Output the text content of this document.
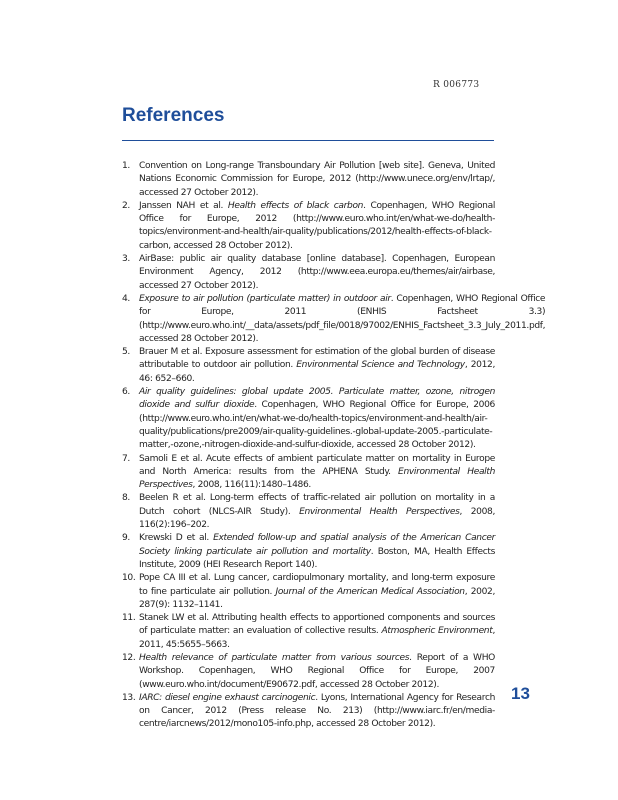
R 006773
References
1. Convention on Long-range Transboundary Air Pollution [web site]. Geneva, United Nations Economic Commission for Europe, 2012 (http://www.unece.org/env/lrtap/, accessed 27 October 2012).
2. Janssen NAH et al. Health effects of black carbon. Copenhagen, WHO Regional Office for Europe, 2012 (http://www.euro.who.int/en/what-we-do/health-topics/environment-and-health/air-quality/publications/2012/health-effects-of-black-carbon, accessed 28 October 2012).
3. AirBase: public air quality database [online database]. Copenhagen, European Environment Agency, 2012 (http://www.eea.europa.eu/themes/air/airbase, accessed 27 October 2012).
4. Exposure to air pollution (particulate matter) in outdoor air. Copenhagen, WHO Regional Office for Europe, 2011 (ENHIS Factsheet 3.3) (http://www.euro.who.int/__data/assets/pdf_file/0018/97002/ENHIS_Factsheet_3.3_July_2011.pdf, accessed 28 October 2012).
5. Brauer M et al. Exposure assessment for estimation of the global burden of disease attributable to outdoor air pollution. Environmental Science and Technology, 2012, 46: 652–660.
6. Air quality guidelines: global update 2005. Particulate matter, ozone, nitrogen dioxide and sulfur dioxide. Copenhagen, WHO Regional Office for Europe, 2006 (http://www.euro.who.int/en/what-we-do/health-topics/environment-and-health/air-quality/publications/pre2009/air-quality-guidelines.-global-update-2005.-particulate-matter,-ozone,-nitrogen-dioxide-and-sulfur-dioxide, accessed 28 October 2012).
7. Samoli E et al. Acute effects of ambient particulate matter on mortality in Europe and North America: results from the APHENA Study. Environmental Health Perspectives, 2008, 116(11):1480–1486.
8. Beelen R et al. Long-term effects of traffic-related air pollution on mortality in a Dutch cohort (NLCS-AIR Study). Environmental Health Perspectives, 2008, 116(2):196–202.
9. Krewski D et al. Extended follow-up and spatial analysis of the American Cancer Society linking particulate air pollution and mortality. Boston, MA, Health Effects Institute, 2009 (HEI Research Report 140).
10. Pope CA III et al. Lung cancer, cardiopulmonary mortality, and long-term exposure to fine particulate air pollution. Journal of the American Medical Association, 2002, 287(9): 1132–1141.
11. Stanek LW et al. Attributing health effects to apportioned components and sources of particulate matter: an evaluation of collective results. Atmospheric Environment, 2011, 45:5655–5663.
12. Health relevance of particulate matter from various sources. Report of a WHO Workshop. Copenhagen, WHO Regional Office for Europe, 2007 (www.euro.who.int/document/E90672.pdf, accessed 28 October 2012).
13. IARC: diesel engine exhaust carcinogenic. Lyons, International Agency for Research on Cancer, 2012 (Press release No. 213) (http://www.iarc.fr/en/media-centre/iarcnews/2012/mono105-info.php, accessed 28 October 2012).
13
